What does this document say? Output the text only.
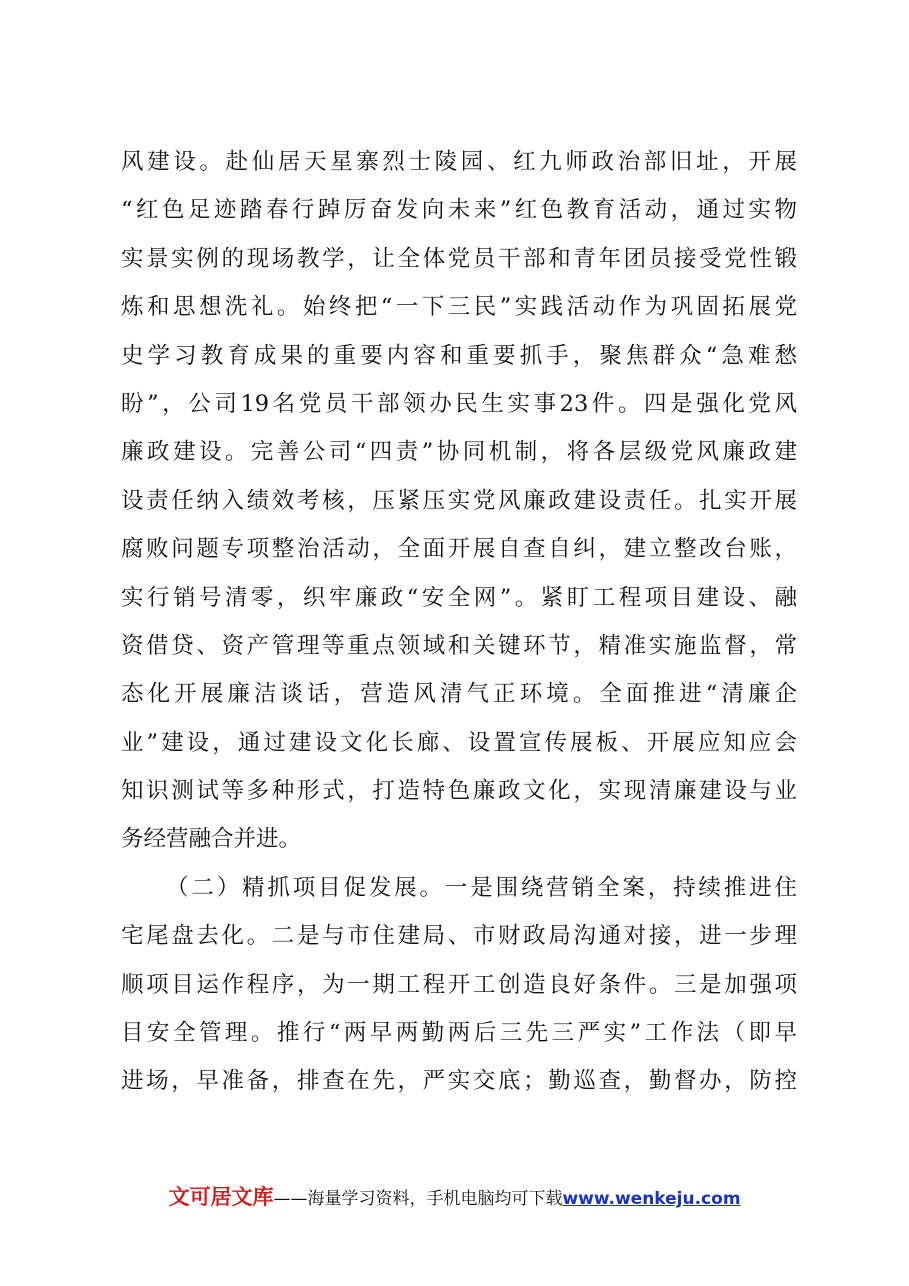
风建设。赴仙居天星寨烈士陵园、红九师政治部旧址，开展
“红色足迹踏春行踔厉奋发向未来”红色教育活动，通过实物
实景实例的现场教学，让全体党员干部和青年团员接受党性锻
炼和思想洗礼。始终把“一下三民”实践活动作为巩固拓展党
史学习教育成果的重要内容和重要抓手，聚焦群众“急难愁
盼”，公司19名党员干部领办民生实事23件。四是强化党风
廉政建设。完善公司“四责”协同机制，将各层级党风廉政建
设责任纳入绩效考核，压紧压实党风廉政建设责任。扎实开展
腐败问题专项整治活动，全面开展自查自纠，建立整改台账，
实行销号清零，织牢廉政“安全网”。紧盯工程项目建设、融
资借贷、资产管理等重点领域和关键环节，精准实施监督，常
态化开展廉洁谈话，营造风清气正环境。全面推进“清廉企
业”建设，通过建设文化长廊、设置宣传展板、开展应知应会
知识测试等多种形式，打造特色廉政文化，实现清廉建设与业
务经营融合并进。
（二）精抓项目促发展。一是围绕营销全案，持续推进住
宅尾盘去化。二是与市住建局、市财政局沟通对接，进一步理
顺项目运作程序，为一期工程开工创造良好条件。三是加强项
目安全管理。推行“两早两勤两后三先三严实”工作法（即早
进场，早准备，排查在先，严实交底；勤巡查，勤督办，防控
文可居文库——海量学习资料，手机电脑均可下载www.wenkeju.com
